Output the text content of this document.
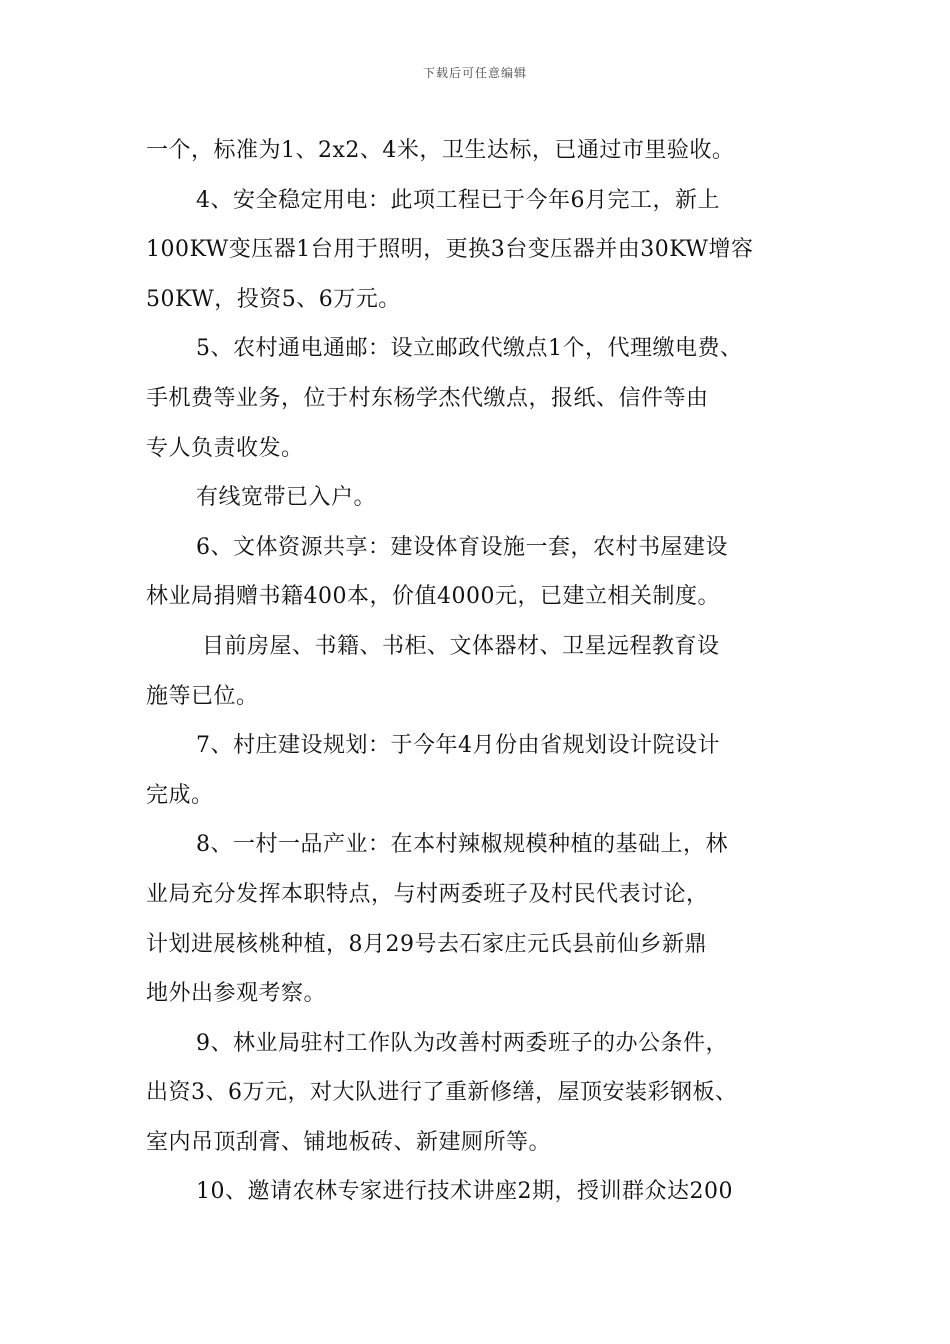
下载后可任意编辑
一个，标准为1、2x2、4米，卫生达标，已通过市里验收。
4、安全稳定用电：此项工程已于今年6月完工，新上
100KW变压器1台用于照明，更换3台变压器并由30KW增容
50KW，投资5、6万元。
5、农村通电通邮：设立邮政代缴点1个，代理缴电费、
手机费等业务，位于村东杨学杰代缴点，报纸、信件等由
专人负责收发。
有线宽带已入户。
6、文体资源共享：建设体育设施一套，农村书屋建设
林业局捐赠书籍400本，价值4000元，已建立相关制度。
目前房屋、书籍、书柜、文体器材、卫星远程教育设
施等已位。
7、村庄建设规划：于今年4月份由省规划设计院设计
完成。
8、一村一品产业：在本村辣椒规模种植的基础上，林
业局充分发挥本职特点，与村两委班子及村民代表讨论，
计划进展核桃种植，8月29号去石家庄元氏县前仙乡新鼎
地外出参观考察。
9、林业局驻村工作队为改善村两委班子的办公条件，
出资3、6万元，对大队进行了重新修缮，屋顶安装彩钢板、
室内吊顶刮膏、铺地板砖、新建厕所等。
10、邀请农林专家进行技术讲座2期，授训群众达200
